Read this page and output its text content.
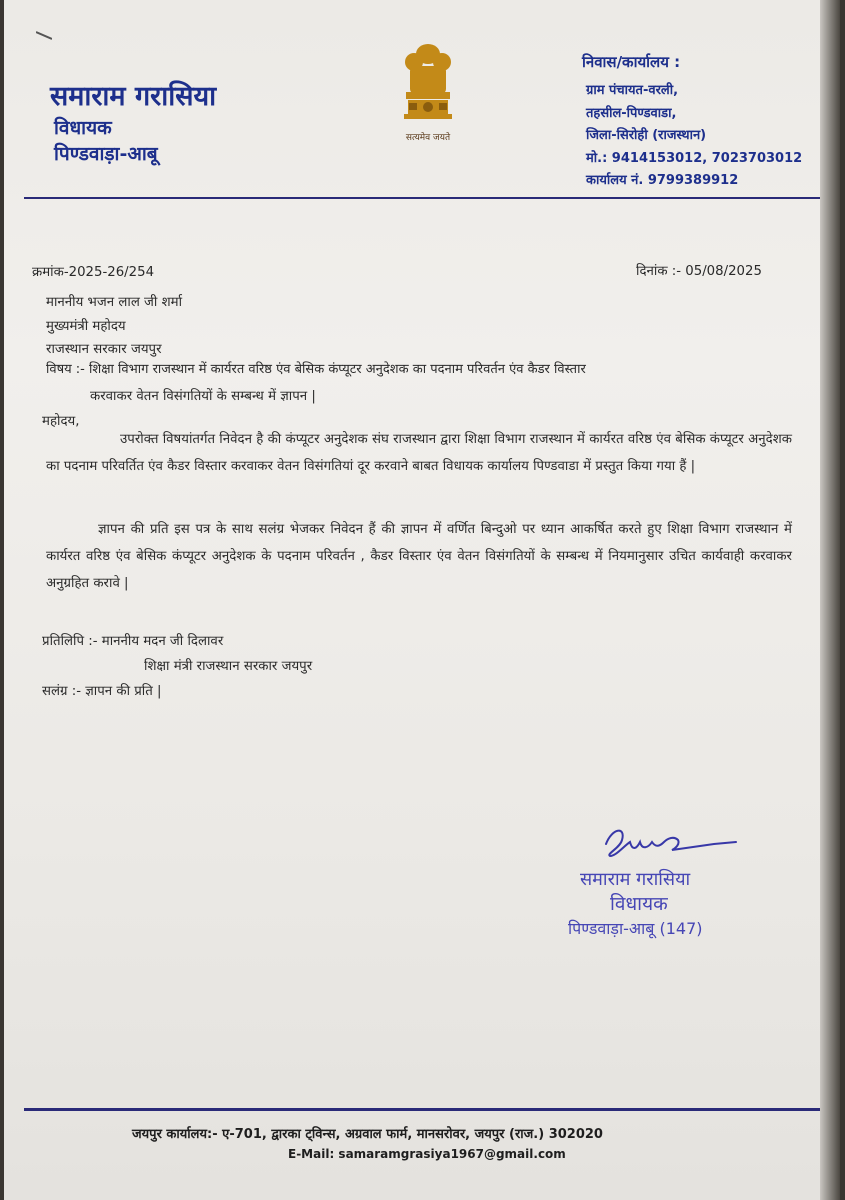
समाराम गरासिया
विधायक
पिण्डवाड़ा-आबू
सत्यमेव जयते
निवास/कार्यालय :
ग्राम पंचायत-वरली,
तहसील-पिण्डवाडा,
जिला-सिरोही (राजस्थान)
मो.: 9414153012, 7023703012
कार्यालय नं. 9799389912
क्रमांक-2025-26/254	दिनांक :- 05/08/2025
माननीय भजन लाल जी शर्मा
मुख्यमंत्री महोदय
राजस्थान सरकार जयपुर
विषय :- शिक्षा विभाग राजस्थान में कार्यरत वरिष्ठ एंव बेसिक कंप्यूटर अनुदेशक का पदनाम परिवर्तन एंव कैडर विस्तार
करवाकर वेतन विसंगतियों के सम्बन्ध में ज्ञापन |
महोदय,
उपरोक्त विषयांतर्गत निवेदन है की कंप्यूटर अनुदेशक संघ राजस्थान द्वारा शिक्षा विभाग राजस्थान में कार्यरत वरिष्ठ एंव बेसिक कंप्यूटर अनुदेशक का पदनाम परिवर्तित एंव कैडर विस्तार करवाकर वेतन विसंगतियां दूर करवाने बाबत विधायक कार्यालय पिण्डवाडा में प्रस्तुत किया गया हैं |
ज्ञापन की प्रति इस पत्र के साथ सलंग्र भेजकर निवेदन हैं की ज्ञापन में वर्णित बिन्दुओ पर ध्यान आकर्षित करते हुए शिक्षा विभाग राजस्थान में कार्यरत वरिष्ठ एंव बेसिक कंप्यूटर अनुदेशक के पदनाम परिवर्तन , कैडर विस्तार एंव वेतन विसंगतियों के सम्बन्ध में नियमानुसार उचित कार्यवाही करवाकर अनुग्रहित करावे |
प्रतिलिपि :- माननीय मदन जी दिलावर
शिक्षा मंत्री राजस्थान सरकार जयपुर
सलंग्र :- ज्ञापन की प्रति |
समाराम गरासिया
विधायक
पिण्डवाड़ा-आबू (147)
जयपुर कार्यालय:- ए-701, द्वारका ट्विन्स, अग्रवाल फार्म, मानसरोवर, जयपुर (राज.) 302020
E-Mail: samaramgrasiya1967@gmail.com
